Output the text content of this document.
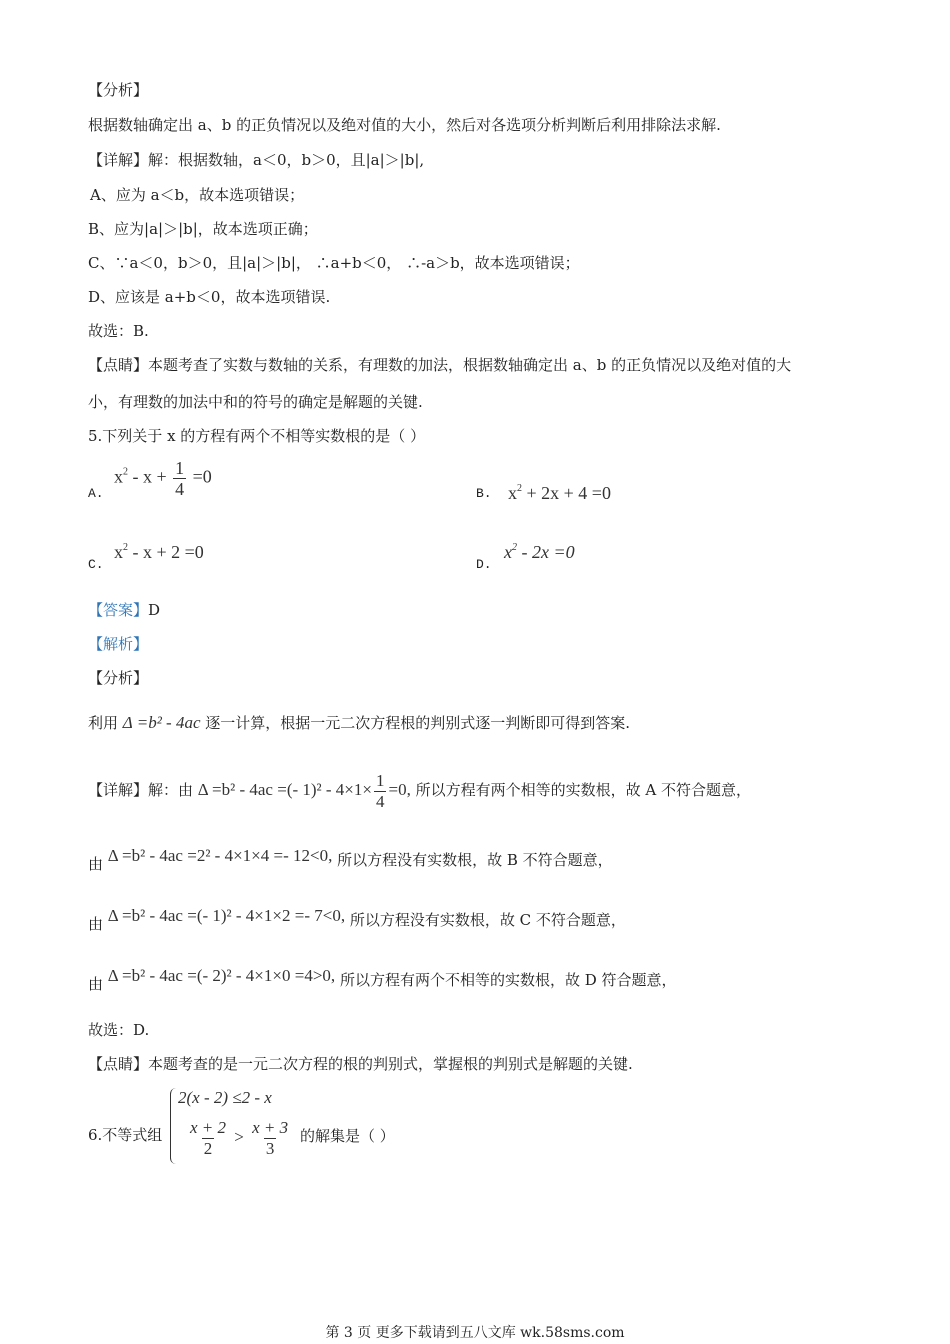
【分析】
根据数轴确定出 a、b 的正负情况以及绝对值的大小，然后对各选项分析判断后利用排除法求解.
【详解】解：根据数轴，a＜0，b＞0，且|a|＞|b|,
A、应为 a＜b，故本选项错误；
B、应为|a|＞|b|，故本选项正确；
C、∵a＜0，b＞0，且|a|＞|b|， ∴a+b＜0， ∴-a＞b，故本选项错误；
D、应该是 a+b＜0，故本选项错误.
故选：B.
【点睛】本题考查了实数与数轴的关系，有理数的加法，根据数轴确定出 a、b 的正负情况以及绝对值的大
小，有理数的加法中和的符号的确定是解题的关键.
5.下列关于 x 的方程有两个不相等实数根的是（ ）
A.
$x^2 - x + \frac{1}{4} =0$
B. $x^2 + 2x + 4 =0$
C.
$x^2 - x + 2 =0$
D.
$x^2 - 2x =0$
【答案】D
【解析】
【分析】
利用 Δ =b² - 4ac 逐一计算，根据一元二次方程根的判别式逐一判断即可得到答案.
【详解】解：由 Δ =b² - 4ac =(- $1)^2 - 4\times 1\times \frac{1}{4} =0$, 所以方程有两个相等的实数根，故 A 不符合题意，
由 Δ =b² - 4ac =2² - 4×1×4 =- 12<0, 所以方程没有实数根，故 B 不符合题意，
由 Δ =b² - 4ac =(- 1)² - 4×1×2 =- 7<0, 所以方程没有实数根，故 C 不符合题意，
由 Δ =b² - 4ac =(- 2)² - 4×1×0 =4>0, 所以方程有两个不相等的实数根，故 D 符合题意，
故选：D.
【点睛】本题考查的是一元二次方程的根的判别式，掌握根的判别式是解题的关键.
6.不等式组
2(x - 2) ≤2 - x
$\frac{x + 2}{2} > \frac{x + 3}{3}$ 的解集是（ ）
第 3 页 更多下载请到五八文库 wk.58sms.com
